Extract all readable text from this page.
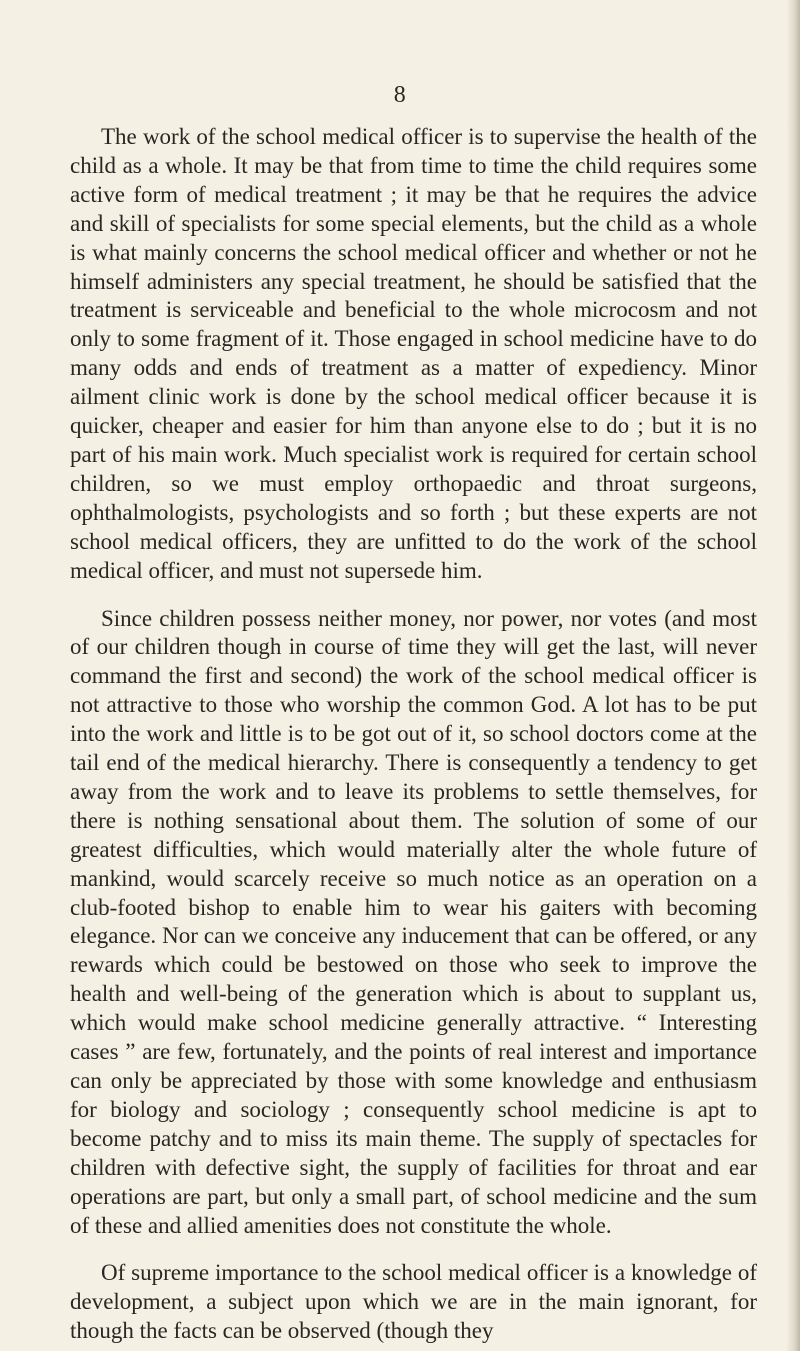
8

The work of the school medical officer is to supervise the health of the child as a whole. It may be that from time to time the child requires some active form of medical treatment ; it may be that he requires the advice and skill of specialists for some special elements, but the child as a whole is what mainly concerns the school medical officer and whether or not he himself administers any special treatment, he should be satisfied that the treatment is serviceable and beneficial to the whole microcosm and not only to some fragment of it. Those engaged in school medicine have to do many odds and ends of treatment as a matter of expediency. Minor ailment clinic work is done by the school medical officer because it is quicker, cheaper and easier for him than anyone else to do ; but it is no part of his main work. Much specialist work is required for certain school children, so we must employ orthopaedic and throat surgeons, ophthalmologists, psychologists and so forth ; but these experts are not school medical officers, they are unfitted to do the work of the school medical officer, and must not supersede him.

Since children possess neither money, nor power, nor votes (and most of our children though in course of time they will get the last, will never command the first and second) the work of the school medical officer is not attractive to those who worship the common God. A lot has to be put into the work and little is to be got out of it, so school doctors come at the tail end of the medical hierarchy. There is consequently a tendency to get away from the work and to leave its problems to settle themselves, for there is nothing sensational about them. The solution of some of our greatest difficulties, which would materially alter the whole future of mankind, would scarcely receive so much notice as an operation on a club-footed bishop to enable him to wear his gaiters with becoming elegance. Nor can we conceive any inducement that can be offered, or any rewards which could be bestowed on those who seek to improve the health and well-being of the generation which is about to supplant us, which would make school medicine generally attractive. “ Interesting cases ” are few, fortunately, and the points of real interest and importance can only be appreciated by those with some knowledge and enthusiasm for biology and sociology ; consequently school medicine is apt to become patchy and to miss its main theme. The supply of spectacles for children with defective sight, the supply of facilities for throat and ear operations are part, but only a small part, of school medicine and the sum of these and allied amenities does not constitute the whole.

Of supreme importance to the school medical officer is a knowledge of development, a subject upon which we are in the main ignorant, for though the facts can be observed (though they
